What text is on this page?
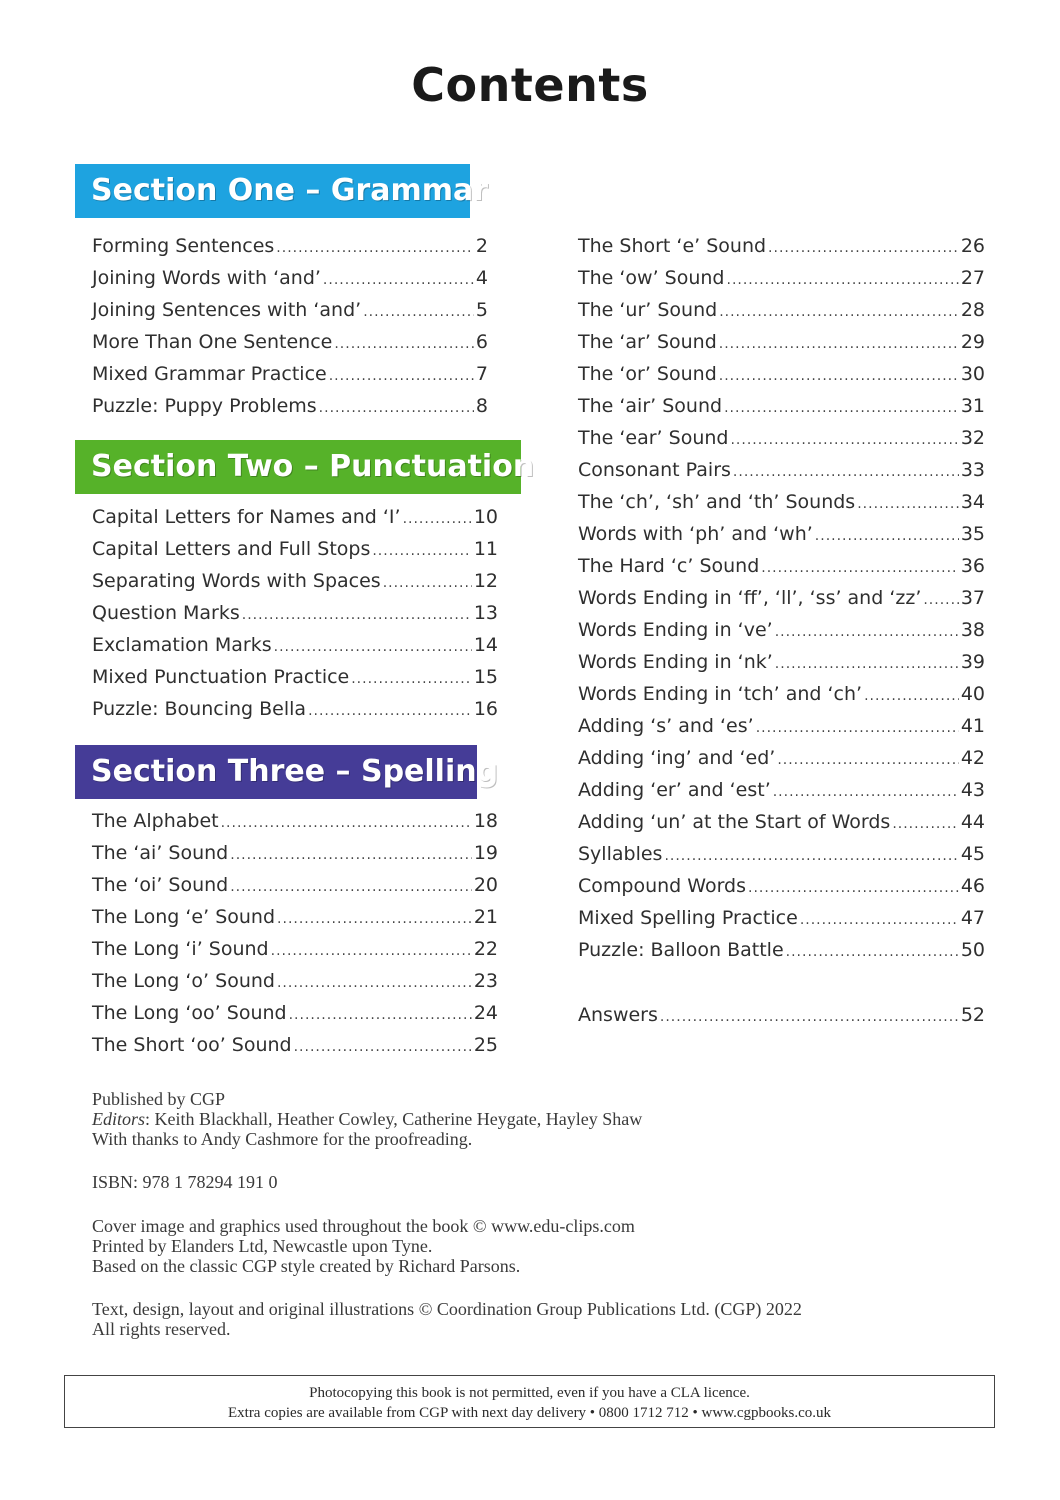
Contents
Section One – Grammar
Forming Sentences .....	2
Joining Words with ‘and’ .....	4
Joining Sentences with ‘and’ .....	5
More Than One Sentence .....	6
Mixed Grammar Practice .....	7
Puzzle: Puppy Problems .....	8
Section Two – Punctuation
Capital Letters for Names and ‘I’ .....	10
Capital Letters and Full Stops .....	11
Separating Words with Spaces .....	12
Question Marks .....	13
Exclamation Marks .....	14
Mixed Punctuation Practice .....	15
Puzzle: Bouncing Bella .....	16
Section Three – Spelling
The Alphabet .....	18
The ‘ai’ Sound .....	19
The ‘oi’ Sound .....	20
The Long ‘e’ Sound .....	21
The Long ‘i’ Sound .....	22
The Long ‘o’ Sound .....	23
The Long ‘oo’ Sound .....	24
The Short ‘oo’ Sound .....	25
The Short ‘e’ Sound .....	26
The ‘ow’ Sound .....	27
The ‘ur’ Sound .....	28
The ‘ar’ Sound .....	29
The ‘or’ Sound .....	30
The ‘air’ Sound .....	31
The ‘ear’ Sound .....	32
Consonant Pairs .....	33
The ‘ch’, ‘sh’ and ‘th’ Sounds .....	34
Words with ‘ph’ and ‘wh’ .....	35
The Hard ‘c’ Sound .....	36
Words Ending in ‘ff’, ‘ll’, ‘ss’ and ‘zz’ ..... 37
Words Ending in ‘ve’ .....	38
Words Ending in ‘nk’ .....	39
Words Ending in ‘tch’ and ‘ch’ .....	40
Adding ‘s’ and ‘es’ .....	41
Adding ‘ing’ and ‘ed’ .....	42
Adding ‘er’ and ‘est’ .....	43
Adding ‘un’ at the Start of Words .....	44
Syllables .....	45
Compound Words .....	46
Mixed Spelling Practice .....	47
Puzzle: Balloon Battle .....	50
Answers .....	52
Published by CGP
Editors: Keith Blackhall, Heather Cowley, Catherine Heygate, Hayley Shaw
With thanks to Andy Cashmore for the proofreading.
ISBN: 978 1 78294 191 0
Cover image and graphics used throughout the book © www.edu-clips.com
Printed by Elanders Ltd, Newcastle upon Tyne.
Based on the classic CGP style created by Richard Parsons.
Text, design, layout and original illustrations © Coordination Group Publications Ltd. (CGP) 2022
All rights reserved.
Photocopying this book is not permitted, even if you have a CLA licence.
Extra copies are available from CGP with next day delivery • 0800 1712 712 • www.cgpbooks.co.uk
